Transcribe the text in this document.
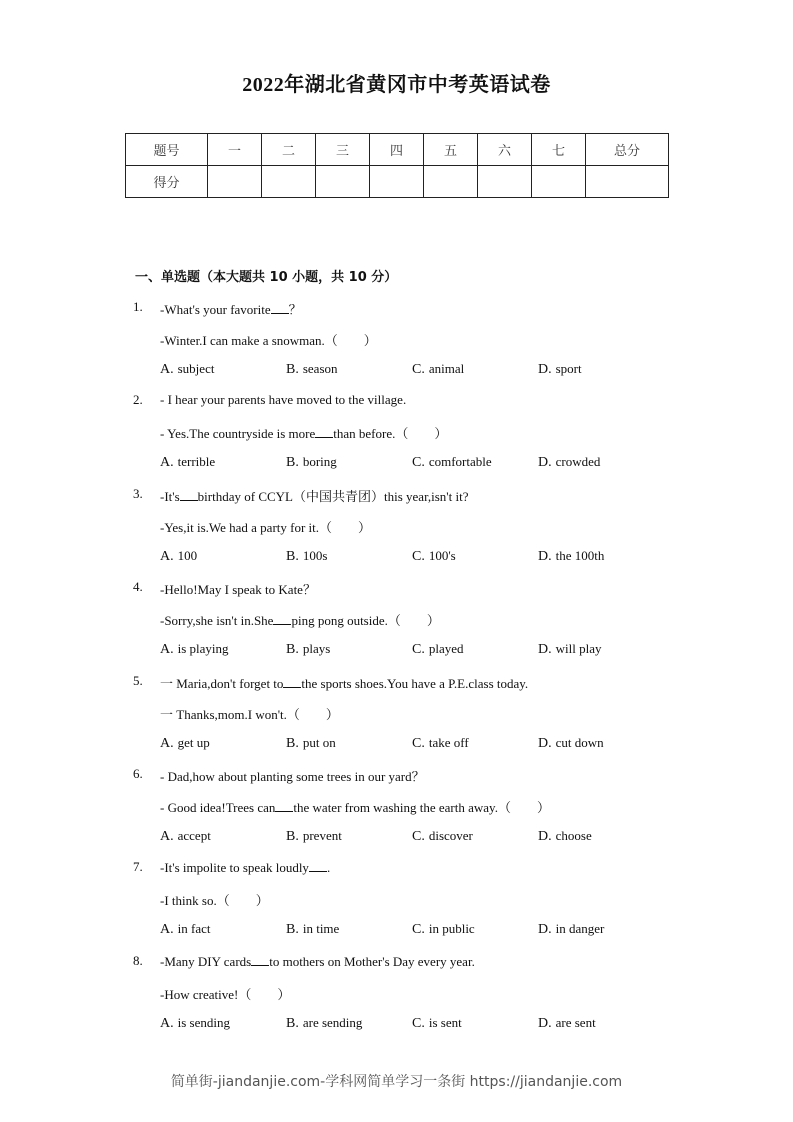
2022年湖北省黄冈市中考英语试卷
题号	一	二	三	四	五	六	七	总分
得分								
一、单选题（本大题共 10 小题，共 10 分）
1. -What's your favorite ？
-Winter.I can make a snowman.（　　）
A. subject	B. season	C. animal	D. sport
2. - I hear your parents have moved to the village.
- Yes.The countryside is more than before.（　　）
A. terrible	B. boring	C. comfortable	D. crowded
3. -It's birthday of CCYL（中国共青团）this year,isn't it?
-Yes,it is.We had a party for it.（　　）
A. 100	B. 100s	C. 100's	D. the 100th
4. -Hello!May I speak to Kate？
-Sorry,she isn't in.She ping pong outside.（　　）
A. is playing	B. plays	C. played	D. will play
5. 一 Maria,don't forget to the sports shoes.You have a P.E.class today.
一 Thanks,mom.I won't.（　　）
A. get up	B. put on	C. take off	D. cut down
6. - Dad,how about planting some trees in our yard？
- Good idea!Trees can the water from washing the earth away.（　　）
A. accept	B. prevent	C. discover	D. choose
7. -It's impolite to speak loudly .
-I think so.（　　）
A. in fact	B. in time	C. in public	D. in danger
8. -Many DIY cards to mothers on Mother's Day every year.
-How creative!（　　）
A. is sending	B. are sending	C. is sent	D. are sent
简单街-jiandanjie.com-学科网简单学习一条街 https://jiandanjie.com
